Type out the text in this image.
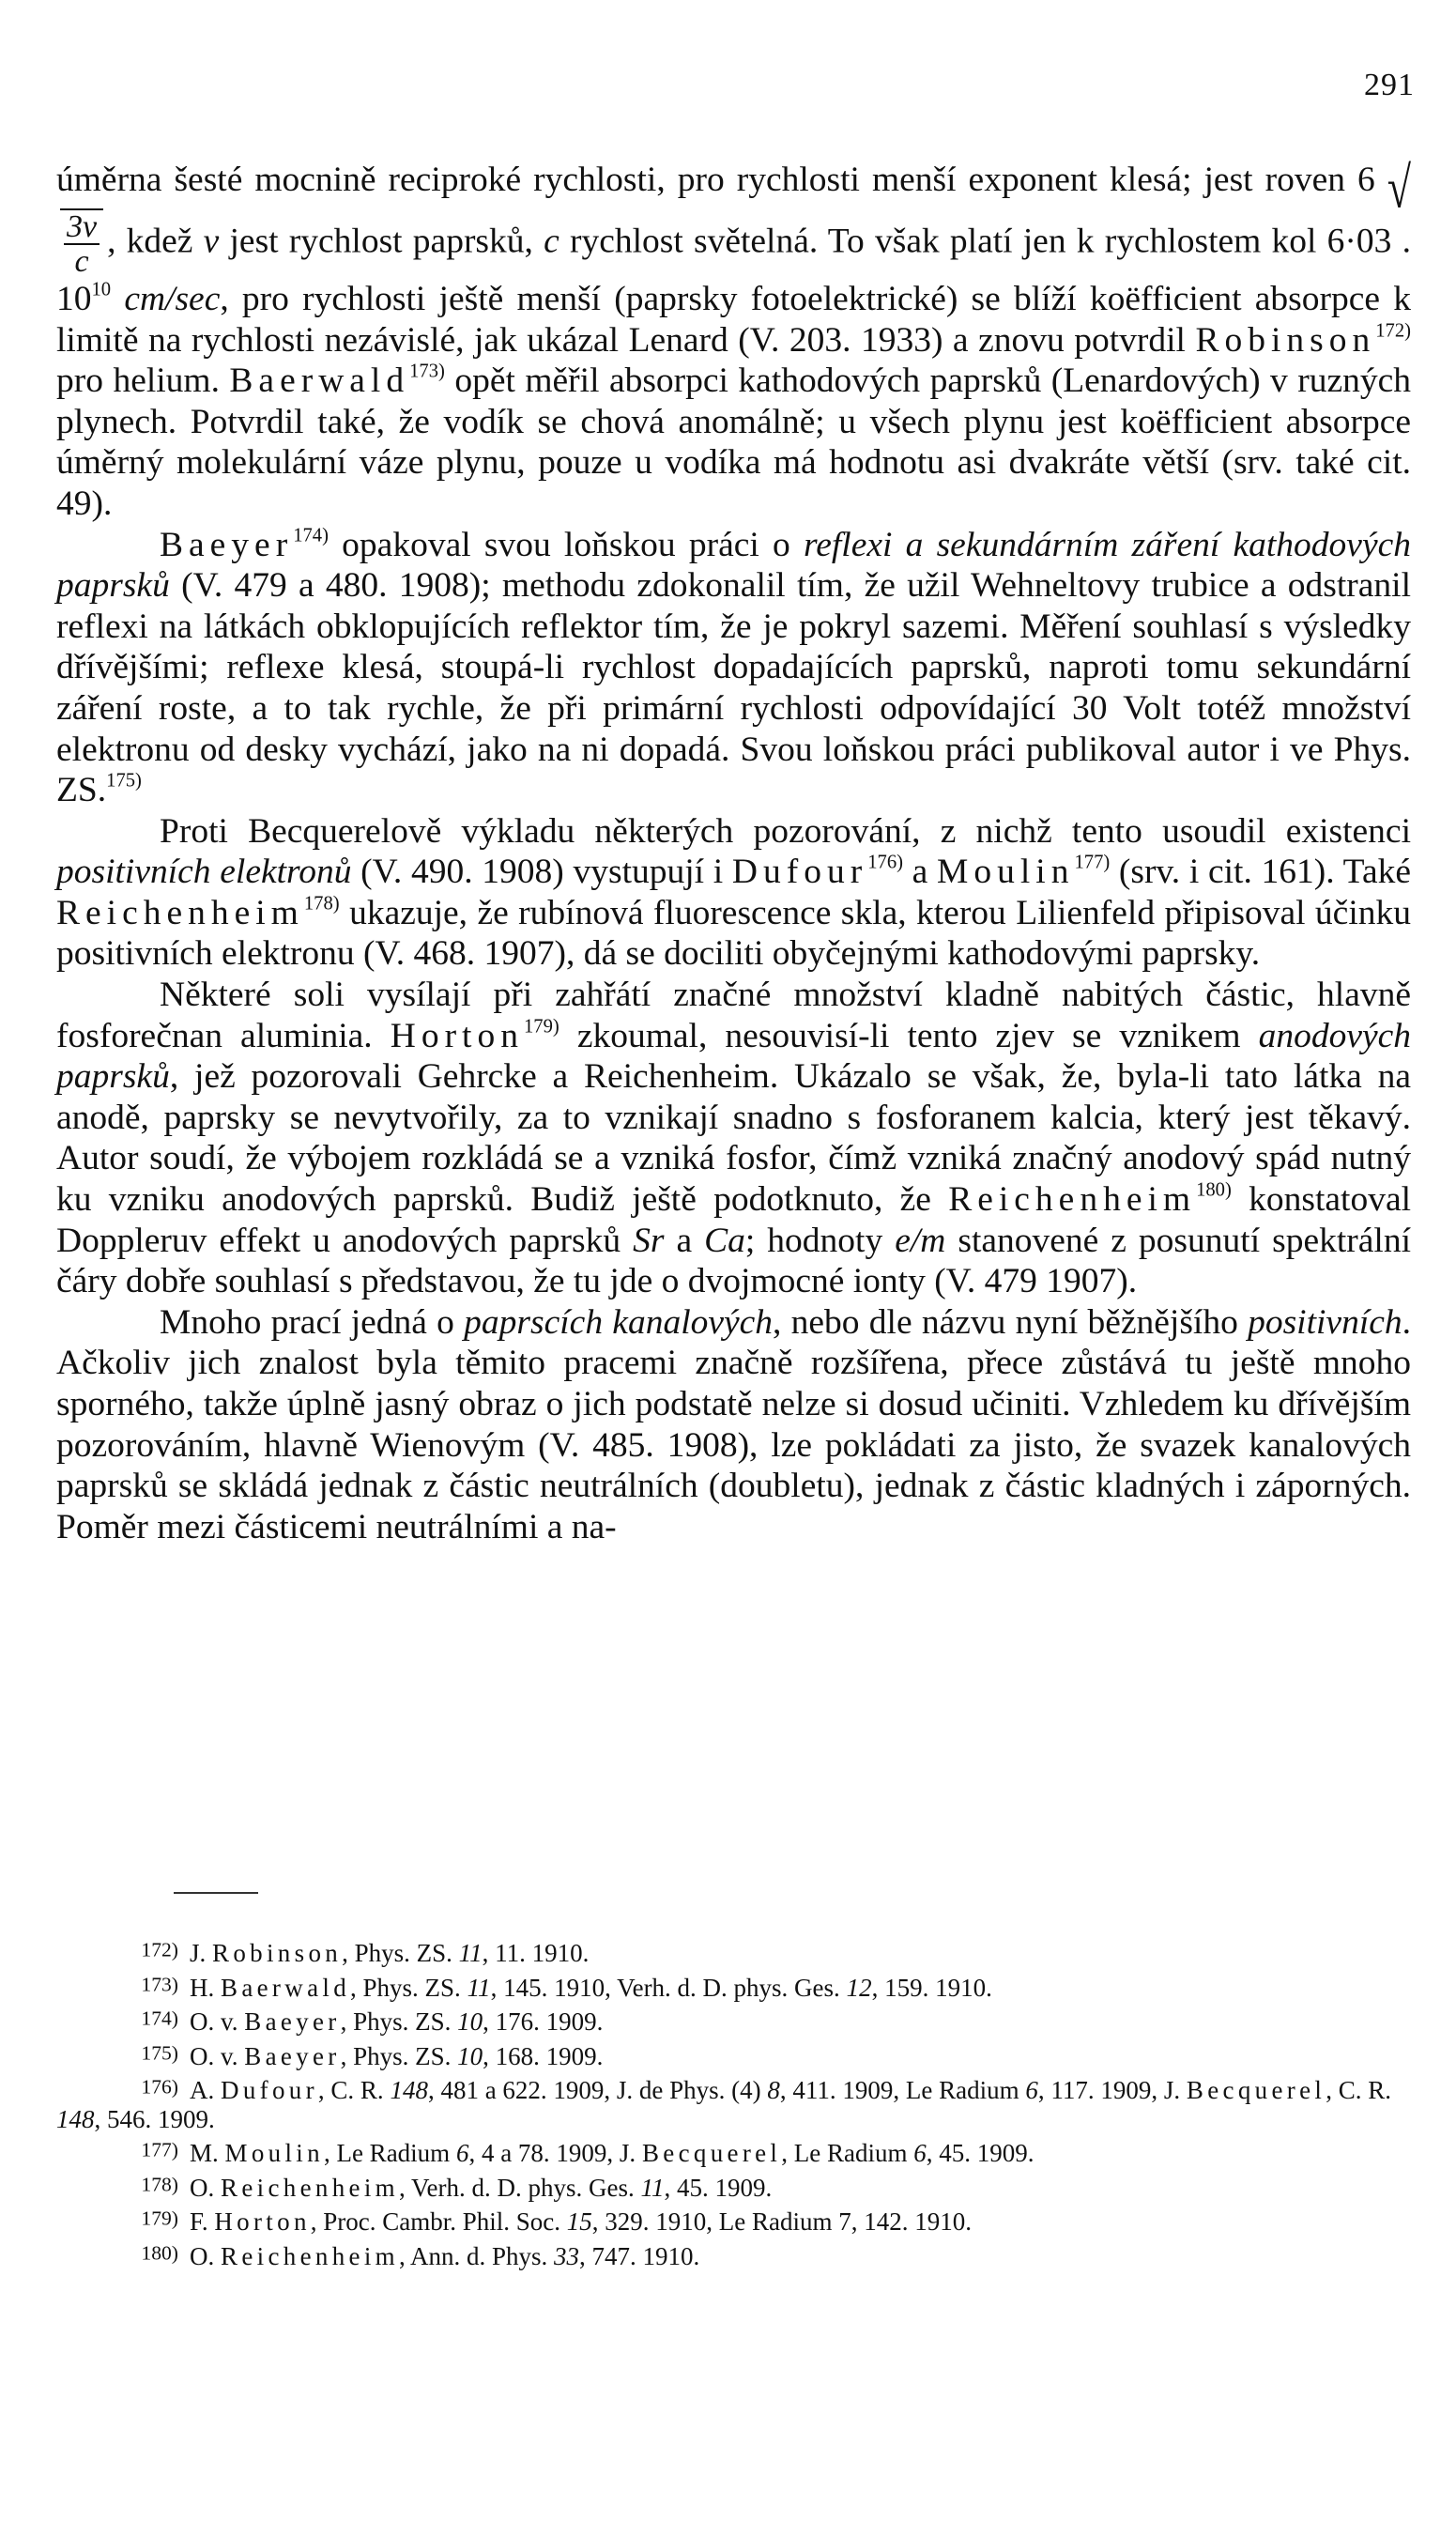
291

úměrna šesté mocnině reciproké rychlosti, pro rychlosti menší exponent klesá; jest roven 6 √
$\frac{3v}{c}$ , kdež v jest rychlost paprsků, c rychlost světelná. To však platí jen k rychlostem kol 6·03 . $10^{10}$ cm/sec, pro rychlosti ještě menší (paprsky fotoelektrické) se blíží koëfficient absorpce k limitě na rychlosti nezávislé, jak ukázal Lenard (V. 203. 1933) a znovu potvrdil Robinson$^{172)}$ pro helium. Baerwald$^{173)}$ opět měřil absorpci kathodových paprsků (Lenardových) v ruzných plynech. Potvrdil také, že vodík se chová anomálně; u všech plynu jest koëfficient absorpce úměrný molekulární váze plynu, pouze u vodíka má hodnotu asi dvakráte větší (srv. také cit. 49).

Baeyer$^{174)}$ opakoval svou loňskou práci o reflexi a sekundárním záření kathodových paprsků (V. 479 a 480. 1908); methodu zdokonalil tím, že užil Wehneltovy trubice a odstranil reflexi na látkách obklopujících reflektor tím, že je pokryl sazemi. Měření souhlasí s výsledky dřívějšími; reflexe klesá, stoupá-li rychlost dopadajících paprsků, naproti tomu sekundární záření roste, a to tak rychle, že při primární rychlosti odpovídající 30 Volt totéž množství elektronu od desky vychází, jako na ni dopadá. Svou loňskou práci publikoval autor i ve Phys. ZS.$^{175)}$

Proti Becquerelově výkladu některých pozorování, z nichž tento usoudil existenci positivních elektronů (V. 490. 1908) vystupují i Dufour$^{176)}$ a Moulin$^{177)}$ (srv. i cit. 161). Také Reichenheim$^{178)}$ ukazuje, že rubínová fluorescence skla, kterou Lilienfeld připisoval účinku positivních elektronu (V. 468. 1907), dá se dociliti obyčejnými kathodovými paprsky.

Některé soli vysílají při zahřátí značné množství kladně nabitých částic, hlavně fosforečnan aluminia. Horton$^{179)}$ zkoumal, nesouvisí-li tento zjev se vznikem anodových paprsků, jež pozorovali Gehrcke a Reichenheim. Ukázalo se však, že, byla-li tato látka na anodě, paprsky se nevytvořily, za to vznikají snadno s fosforanem kalcia, který jest těkavý. Autor soudí, že výbojem rozkládá se a vzniká fosfor, čímž vzniká značný anodový spád nutný ku vzniku anodových paprsků. Budiž ještě podotknuto, že Reichenheim$^{180)}$ konstatoval Doppleruv effekt u anodových paprsků Sr a Ca; hodnoty e/m stanovené z posunutí spektrální čáry dobře souhlasí s představou, že tu jde o dvojmocné ionty (V. 479 1907).

Mnoho prací jedná o paprscích kanalových, nebo dle názvu nyní běžnějšího positivních. Ačkoliv jich znalost byla těmito pracemi značně rozšířena, přece zůstává tu ještě mnoho sporného, takže úplně jasný obraz o jich podstatě nelze si dosud učiniti. Vzhledem ku dřívějším pozorováním, hlavně Wienovým (V. 485. 1908), lze pokládati za jisto, že svazek kanalových paprsků se skládá jednak z částic neutrálních (doubletu), jednak z částic kladných i záporných. Poměr mezi částicemi neutrálními a na-

$^{172)}$ J. Robinson, Phys. ZS. 11, 11. 1910.

$^{173)}$ H. Baerwald, Phys. ZS. 11, 145. 1910, Verh. d. D. phys. Ges. 12, 159. 1910.

$^{174)}$ O. v. Baeyer, Phys. ZS. 10, 176. 1909.

$^{175)}$ O. v. Baeyer, Phys. ZS. 10, 168. 1909.

$^{176)}$ A. Dufour, C. R. 148, 481 a 622. 1909, J. de Phys. (4) 8, 411. 1909, Le Radium 6, 117. 1909, J. Becquerel, C. R. 148, 546. 1909.

$^{177)}$ M. Moulin, Le Radium 6, 4 a 78. 1909, J. Becquerel, Le Radium 6, 45. 1909.

$^{178)}$ O. Reichenheim, Verh. d. D. phys. Ges. 11, 45. 1909.

$^{179)}$ F. Horton, Proc. Cambr. Phil. Soc. 15, 329. 1910, Le Radium 7, 142. 1910.

$^{180)}$ O. Reichenheim, Ann. d. Phys. 33, 747. 1910.
